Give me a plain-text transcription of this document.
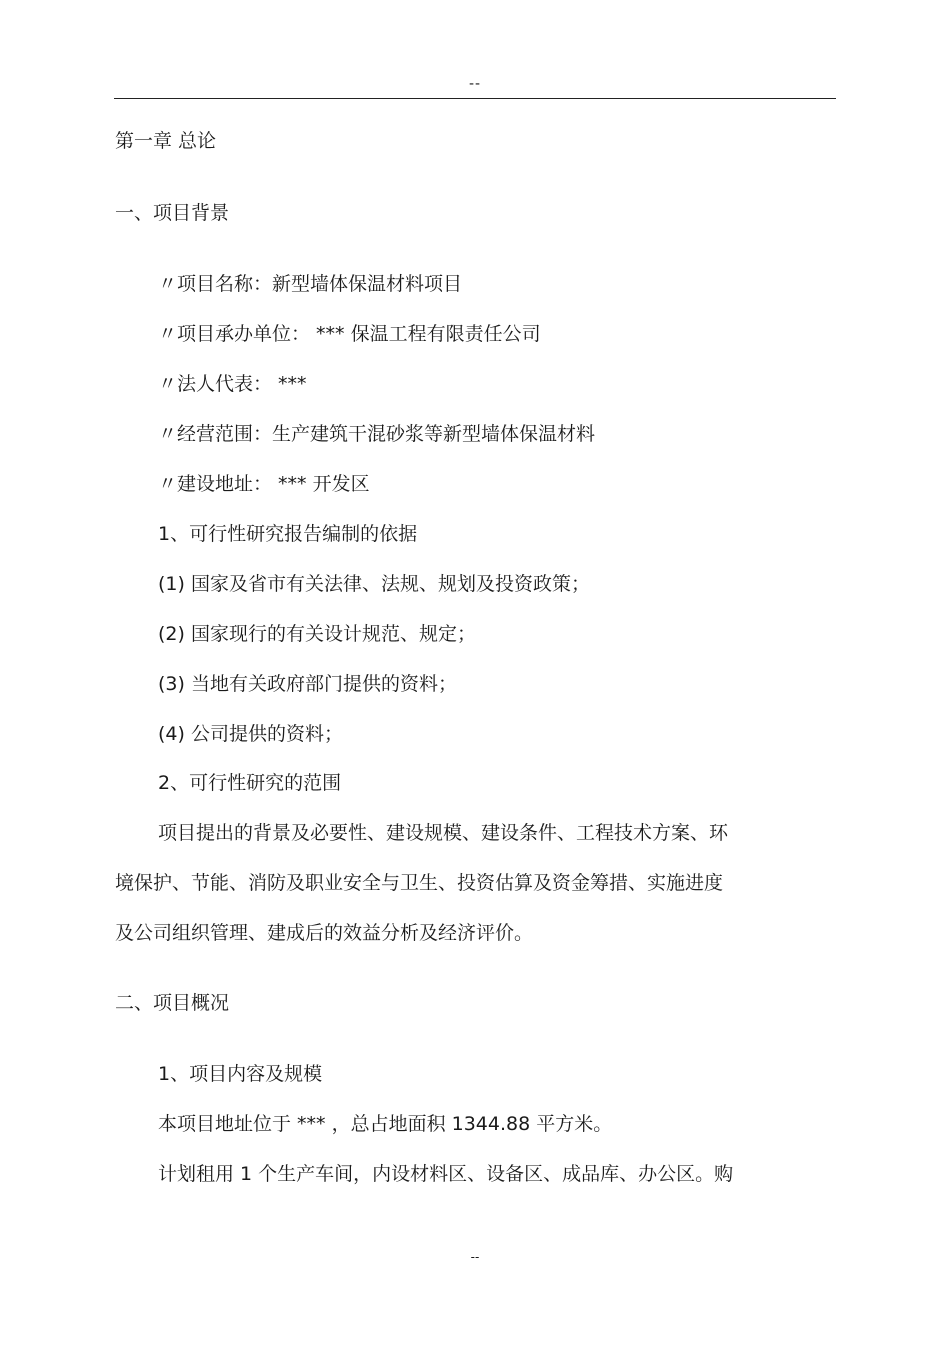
--
第一章 总论
一、项目背景
〃项目名称：新型墙体保温材料项目
〃项目承办单位： *** 保温工程有限责任公司
〃法人代表： ***
〃经营范围：生产建筑干混砂浆等新型墙体保温材料
〃建设地址： *** 开发区
1、可行性研究报告编制的依据
(1) 国家及省市有关法律、法规、规划及投资政策；
(2) 国家现行的有关设计规范、规定；
(3) 当地有关政府部门提供的资料；
(4) 公司提供的资料；
2、可行性研究的范围
项目提出的背景及必要性、建设规模、建设条件、工程技术方案、环
境保护、节能、消防及职业安全与卫生、投资估算及资金筹措、实施进度
及公司组织管理、建成后的效益分析及经济评价。
二、项目概况
1、项目内容及规模
本项目地址位于 *** ，总占地面积 1344.88 平方米。
计划租用 1 个生产车间，内设材料区、设备区、成品库、办公区。购
--
